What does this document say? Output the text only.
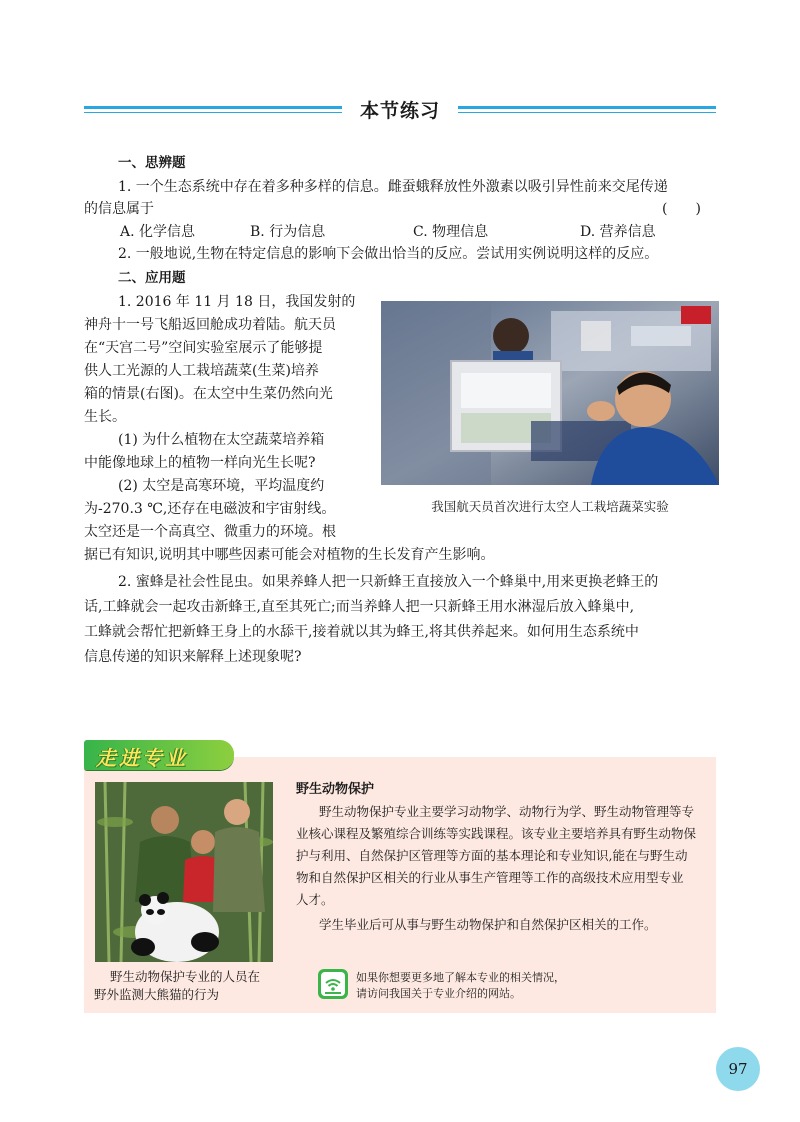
本节练习
一、思辨题
1. 一个生态系统中存在着多种多样的信息。雌蚕蛾释放性外激素以吸引异性前来交尾传递
的信息属于	(　　)
A. 化学信息	B. 行为信息	C. 物理信息	D. 营养信息
2. 一般地说,生物在特定信息的影响下会做出恰当的反应。尝试用实例说明这样的反应。
二、应用题
1. 2016 年 11 月 18 日，我国发射的
神舟十一号飞船返回舱成功着陆。航天员
在“天宫二号”空间实验室展示了能够提
供人工光源的人工栽培蔬菜(生菜)培养
箱的情景(右图)。在太空中生菜仍然向光
生长。
(1) 为什么植物在太空蔬菜培养箱
中能像地球上的植物一样向光生长呢?
(2) 太空是高寒环境，平均温度约
为-270.3 ℃,还存在电磁波和宇宙射线。
太空还是一个高真空、微重力的环境。根
据已有知识,说明其中哪些因素可能会对植物的生长发育产生影响。
我国航天员首次进行太空人工栽培蔬菜实验
2. 蜜蜂是社会性昆虫。如果养蜂人把一只新蜂王直接放入一个蜂巢中,用来更换老蜂王的
话,工蜂就会一起攻击新蜂王,直至其死亡;而当养蜂人把一只新蜂王用水淋湿后放入蜂巢中,
工蜂就会帮忙把新蜂王身上的水舔干,接着就以其为蜂王,将其供养起来。如何用生态系统中
信息传递的知识来解释上述现象呢?
走进专业
野生动物保护专业的人员在
野外监测大熊猫的行为
野生动物保护
野生动物保护专业主要学习动物学、动物行为学、野生动物管理等专
业核心课程及繁殖综合训练等实践课程。该专业主要培养具有野生动物保
护与利用、自然保护区管理等方面的基本理论和专业知识,能在与野生动
物和自然保护区相关的行业从事生产管理等工作的高级技术应用型专业
人才。
学生毕业后可从事与野生动物保护和自然保护区相关的工作。
如果你想要更多地了解本专业的相关情况，
请访问我国关于专业介绍的网站。
97
